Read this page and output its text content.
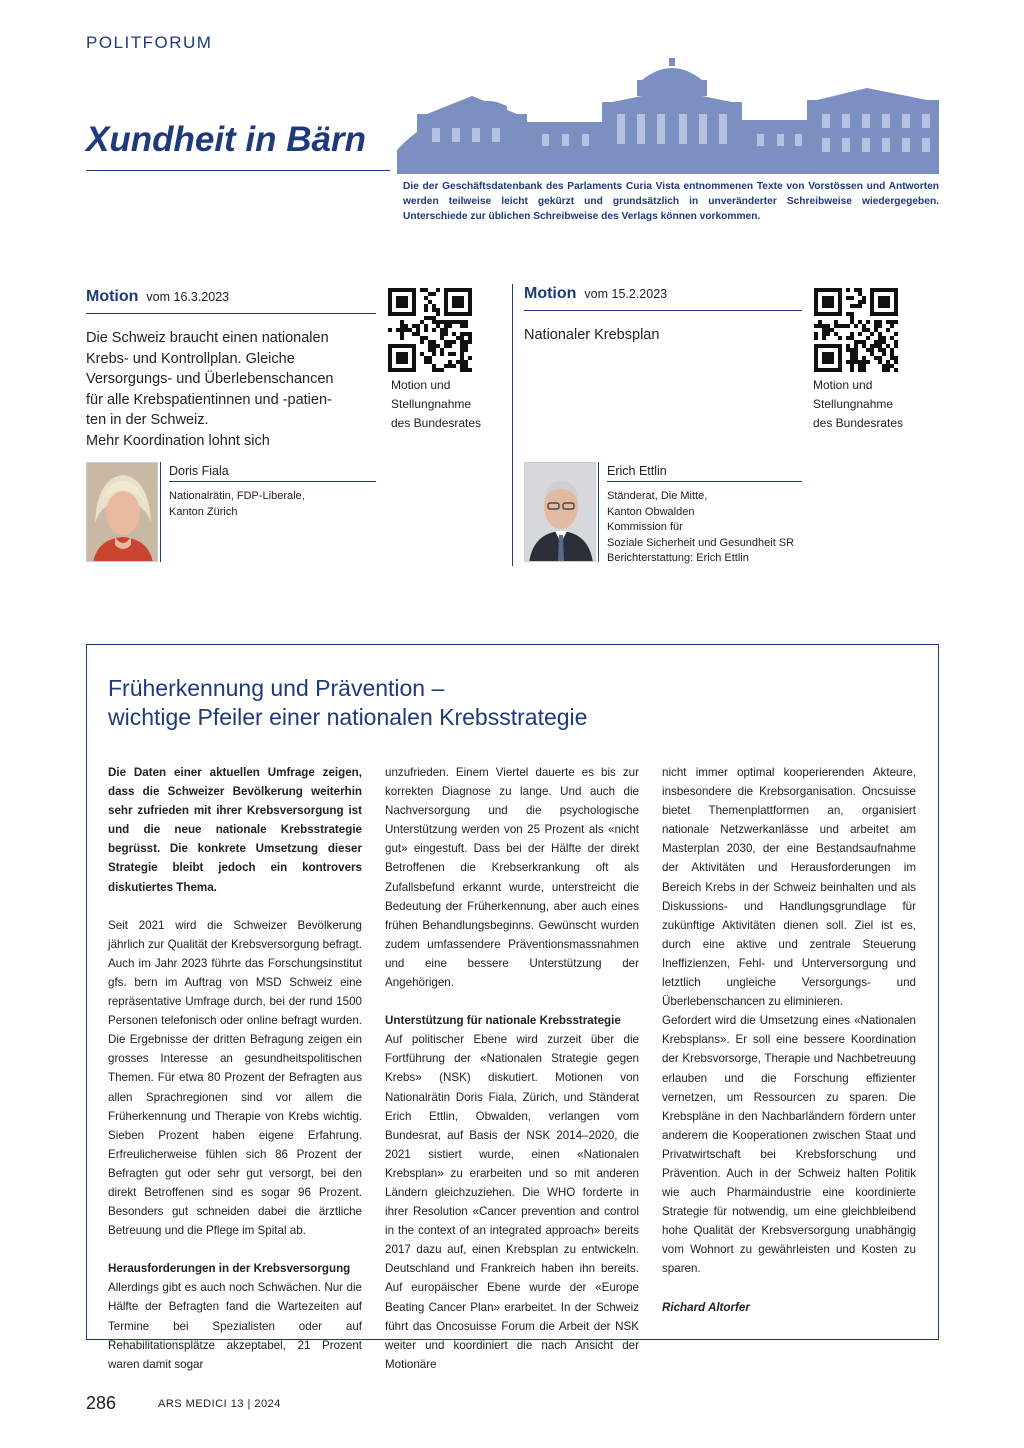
POLITFORUM
Xundheit in Bärn
Die der Geschäftsdatenbank des Parlaments Curia Vista entnommenen Texte von Vorstössen und Antworten werden teilweise leicht gekürzt und grundsätzlich in unveränderter Schreibweise wiedergegeben. Unterschiede zur üblichen Schreibweise des Verlags können vorkommen.
Motion vom 16.3.2023
Die Schweiz braucht einen nationalen
Krebs- und Kontrollplan. Gleiche
Versorgungs- und Überlebenschancen
für alle Krebspatientinnen und -patien-
ten in der Schweiz.
Mehr Koordination lohnt sich
Motion und
Stellungnahme
des Bundesrates
Doris Fiala
Nationalrätin, FDP-Liberale,
Kanton Zürich
Motion vom 15.2.2023
Nationaler Krebsplan
Motion und
Stellungnahme
des Bundesrates
Erich Ettlin
Ständerat, Die Mitte,
Kanton Obwalden
Kommission für
Soziale Sicherheit und Gesundheit SR
Berichterstattung: Erich Ettlin
Früherkennung und Prävention –
wichtige Pfeiler einer nationalen Krebsstrategie

Die Daten einer aktuellen Umfrage zeigen, dass die Schweizer Bevölkerung weiterhin sehr zufrieden mit ihrer Krebsversorgung ist und die neue nationale Krebsstrategie begrüsst. Die konkrete Umsetzung dieser Strategie bleibt jedoch ein kontrovers diskutiertes Thema.

Seit 2021 wird die Schweizer Bevölkerung jährlich zur Qualität der Krebsversorgung befragt. Auch im Jahr 2023 führte das Forschungsinstitut gfs. bern im Auftrag von MSD Schweiz eine repräsentative Umfrage durch, bei der rund 1500 Personen telefonisch oder online befragt wurden. Die Ergebnisse der dritten Befragung zeigen ein grosses Interesse an gesundheitspolitischen Themen. Für etwa 80 Prozent der Befragten aus allen Sprachregionen sind vor allem die Früherkennung und Therapie von Krebs wichtig. Sieben Prozent haben eigene Erfahrung. Erfreulicherweise fühlen sich 86 Prozent der Befragten gut oder sehr gut versorgt, bei den direkt Betroffenen sind es sogar 96 Prozent. Besonders gut schneiden dabei die ärztliche Betreuung und die Pflege im Spital ab.

Herausforderungen in der Krebsversorgung
Allerdings gibt es auch noch Schwächen. Nur die Hälfte der Befragten fand die Wartezeiten auf Termine bei Spezialisten oder auf Rehabilitationsplätze akzeptabel, 21 Prozent waren damit sogar

unzufrieden. Einem Viertel dauerte es bis zur korrekten Diagnose zu lange. Und auch die Nachversorgung und die psychologische Unterstützung werden von 25 Prozent als «nicht gut» eingestuft. Dass bei der Hälfte der direkt Betroffenen die Krebserkrankung oft als Zufallsbefund erkannt wurde, unterstreicht die Bedeutung der Früherkennung, aber auch eines frühen Behandlungsbeginns. Gewünscht wurden zudem umfassendere Präventionsmassnahmen und eine bessere Unterstützung der Angehörigen.

Unterstützung für nationale Krebsstrategie
Auf politischer Ebene wird zurzeit über die Fortführung der «Nationalen Strategie gegen Krebs» (NSK) diskutiert. Motionen von Nationalrätin Doris Fiala, Zürich, und Ständerat Erich Ettlin, Obwalden, verlangen vom Bundesrat, auf Basis der NSK 2014–2020, die 2021 sistiert wurde, einen «Nationalen Krebsplan» zu erarbeiten und so mit anderen Ländern gleichzuziehen. Die WHO forderte in ihrer Resolution «Cancer prevention and control in the context of an integrated approach» bereits 2017 dazu auf, einen Krebsplan zu entwickeln. Deutschland und Frankreich haben ihn bereits. Auf europäischer Ebene wurde der «Europe Beating Cancer Plan» erarbeitet. In der Schweiz führt das Oncosuisse Forum die Arbeit der NSK weiter und koordiniert die nach Ansicht der Motionäre
nicht immer optimal kooperierenden Akteure, insbesondere die Krebsorganisation. Oncsuisse bietet Themenplattformen an, organisiert nationale Netzwerkanlässe und arbeitet am Masterplan 2030, der eine Bestandsaufnahme der Aktivitäten und Herausforderungen im Bereich Krebs in der Schweiz beinhalten und als Diskussions- und Handlungsgrundlage für zukünftige Aktivitäten dienen soll. Ziel ist es, durch eine aktive und zentrale Steuerung Ineffizienzen, Fehl- und Unterversorgung und letztlich ungleiche Versorgungs- und Überlebenschancen zu eliminieren.

Gefordert wird die Umsetzung eines «Nationalen Krebsplans». Er soll eine bessere Koordination der Krebsvorsorge, Therapie und Nachbetreuung erlauben und die Forschung effizienter vernetzen, um Ressourcen zu sparen. Die Krebspläne in den Nachbarländern fördern unter anderem die Kooperationen zwischen Staat und Privatwirtschaft bei Krebsforschung und Prävention. Auch in der Schweiz halten Politik wie auch Pharmaindustrie eine koordinierte Strategie für notwendig, um eine gleichbleibend hohe Qualität der Krebsversorgung unabhängig vom Wohnort zu gewährleisten und Kosten zu sparen.

Richard Altorfer
286	ARS MEDICI 13 | 2024
